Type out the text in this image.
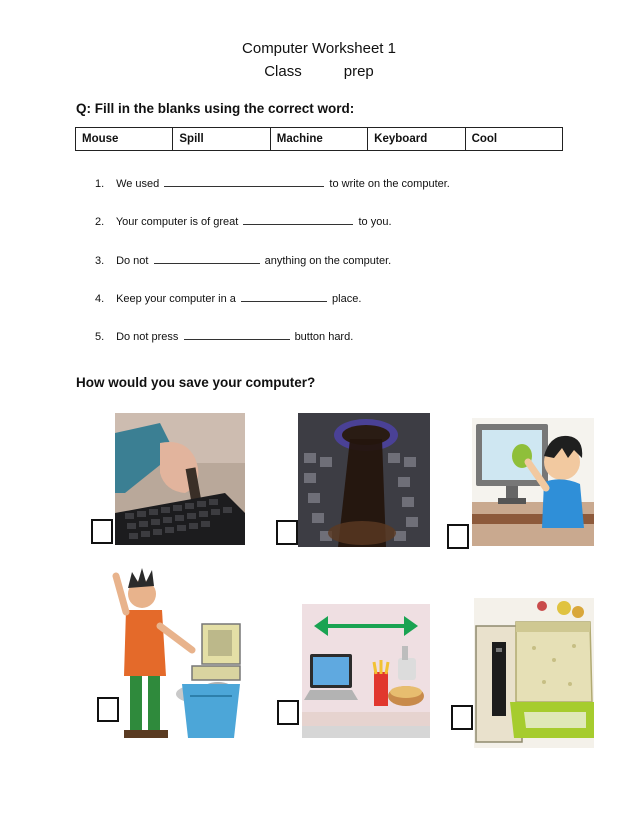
Computer Worksheet 1
Class	prep
Q: Fill in the blanks using the correct word:
Mouse	Spill	Machine	Keyboard	Cool
1. We used	to write on the computer.
2. Your computer is of great	to you.
3. Do not	anything on the computer.
4. Keep your computer in a	place.
5. Do not press	button hard.
How would you save your computer?
